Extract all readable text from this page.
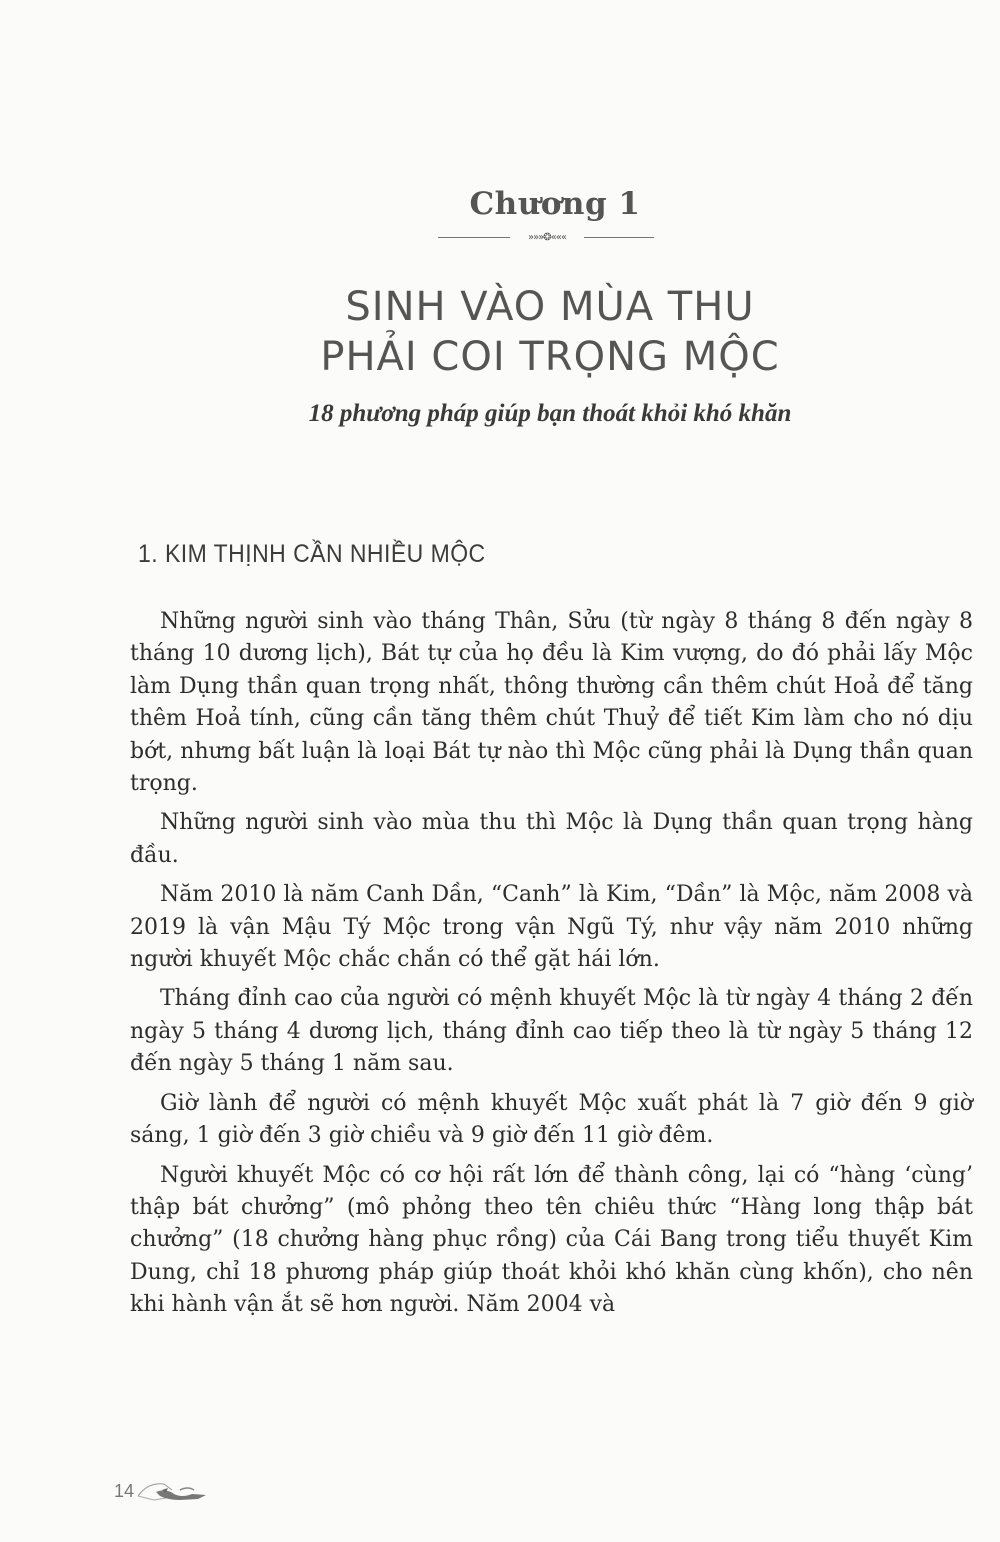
Chương 1
»»»❂«««
SINH VÀO MÙA THU
PHẢI COI TRỌNG MỘC
18 phương pháp giúp bạn thoát khỏi khó khăn
1. KIM THỊNH CẦN NHIỀU MỘC

Những người sinh vào tháng Thân, Sửu (từ ngày 8 tháng 8 đến ngày 8 tháng 10 dương lịch), Bát tự của họ đều là Kim vượng, do đó phải lấy Mộc làm Dụng thần quan trọng nhất, thông thường cần thêm chút Hoả để tăng thêm Hoả tính, cũng cần tăng thêm chút Thuỷ để tiết Kim làm cho nó dịu bớt, nhưng bất luận là loại Bát tự nào thì Mộc cũng phải là Dụng thần quan trọng.

Những người sinh vào mùa thu thì Mộc là Dụng thần quan trọng hàng đầu.

Năm 2010 là năm Canh Dần, “Canh” là Kim, “Dần” là Mộc, năm 2008 và 2019 là vận Mậu Tý Mộc trong vận Ngũ Tý, như vậy năm 2010 những người khuyết Mộc chắc chắn có thể gặt hái lớn.

Tháng đỉnh cao của người có mệnh khuyết Mộc là từ ngày 4 tháng 2 đến ngày 5 tháng 4 dương lịch, tháng đỉnh cao tiếp theo là từ ngày 5 tháng 12 đến ngày 5 tháng 1 năm sau.

Giờ lành để người có mệnh khuyết Mộc xuất phát là 7 giờ đến 9 giờ sáng, 1 giờ đến 3 giờ chiều và 9 giờ đến 11 giờ đêm.

Người khuyết Mộc có cơ hội rất lớn để thành công, lại có “hàng ‘cùng’ thập bát chưởng” (mô phỏng theo tên chiêu thức “Hàng long thập bát chưởng” (18 chưởng hàng phục rồng) của Cái Bang trong tiểu thuyết Kim Dung, chỉ 18 phương pháp giúp thoát khỏi khó khăn cùng khốn), cho nên khi hành vận ắt sẽ hơn người. Năm 2004 và

14
